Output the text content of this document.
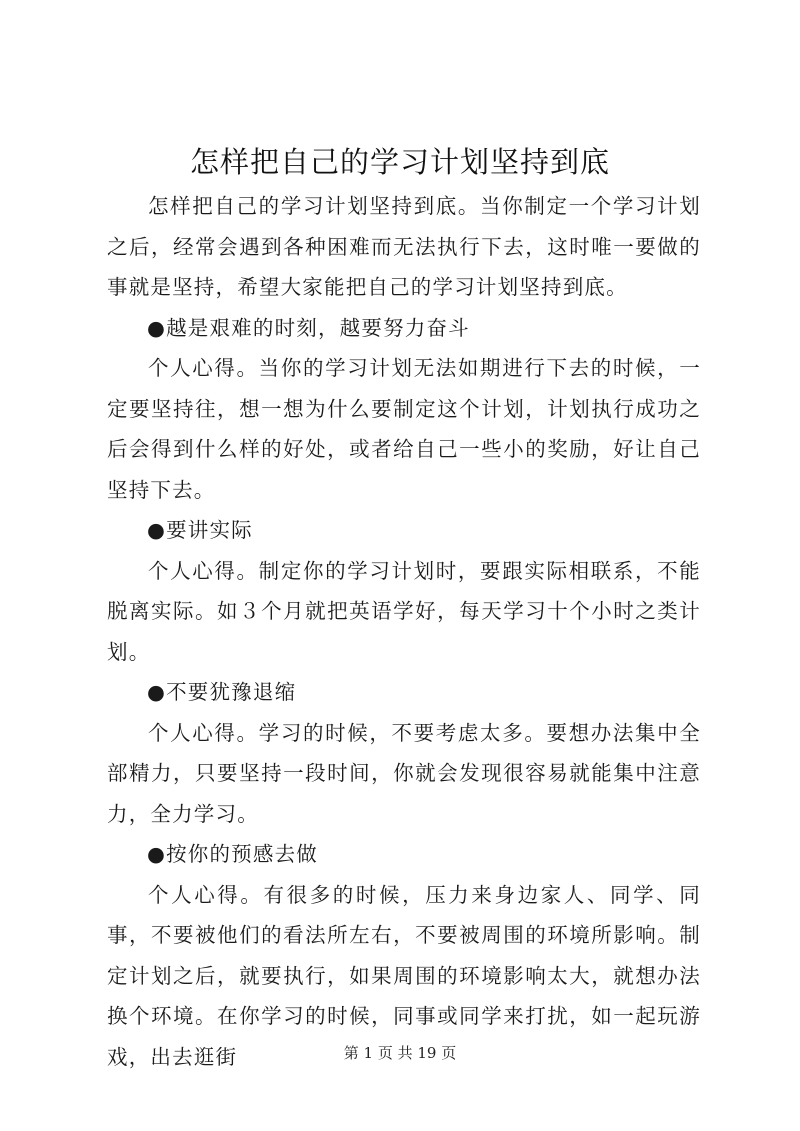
怎样把自己的学习计划坚持到底

怎样把自己的学习计划坚持到底。当你制定一个学习计划之后，经常会遇到各种困难而无法执行下去，这时唯一要做的事就是坚持，希望大家能把自己的学习计划坚持到底。

●越是艰难的时刻，越要努力奋斗

个人心得。当你的学习计划无法如期进行下去的时候，一定要坚持往，想一想为什么要制定这个计划，计划执行成功之后会得到什么样的好处，或者给自己一些小的奖励，好让自己坚持下去。

●要讲实际

个人心得。制定你的学习计划时，要跟实际相联系，不能脱离实际。如３个月就把英语学好，每天学习十个小时之类计划。

●不要犹豫退缩

个人心得。学习的时候，不要考虑太多。要想办法集中全部精力，只要坚持一段时间，你就会发现很容易就能集中注意力，全力学习。

●按你的预感去做

个人心得。有很多的时候，压力来身边家人、同学、同事，不要被他们的看法所左右，不要被周围的环境所影响。制定计划之后，就要执行，如果周围的环境影响太大，就想办法换个环境。在你学习的时候，同事或同学来打扰，如一起玩游戏，出去逛街	第 1 页 共 19 页
